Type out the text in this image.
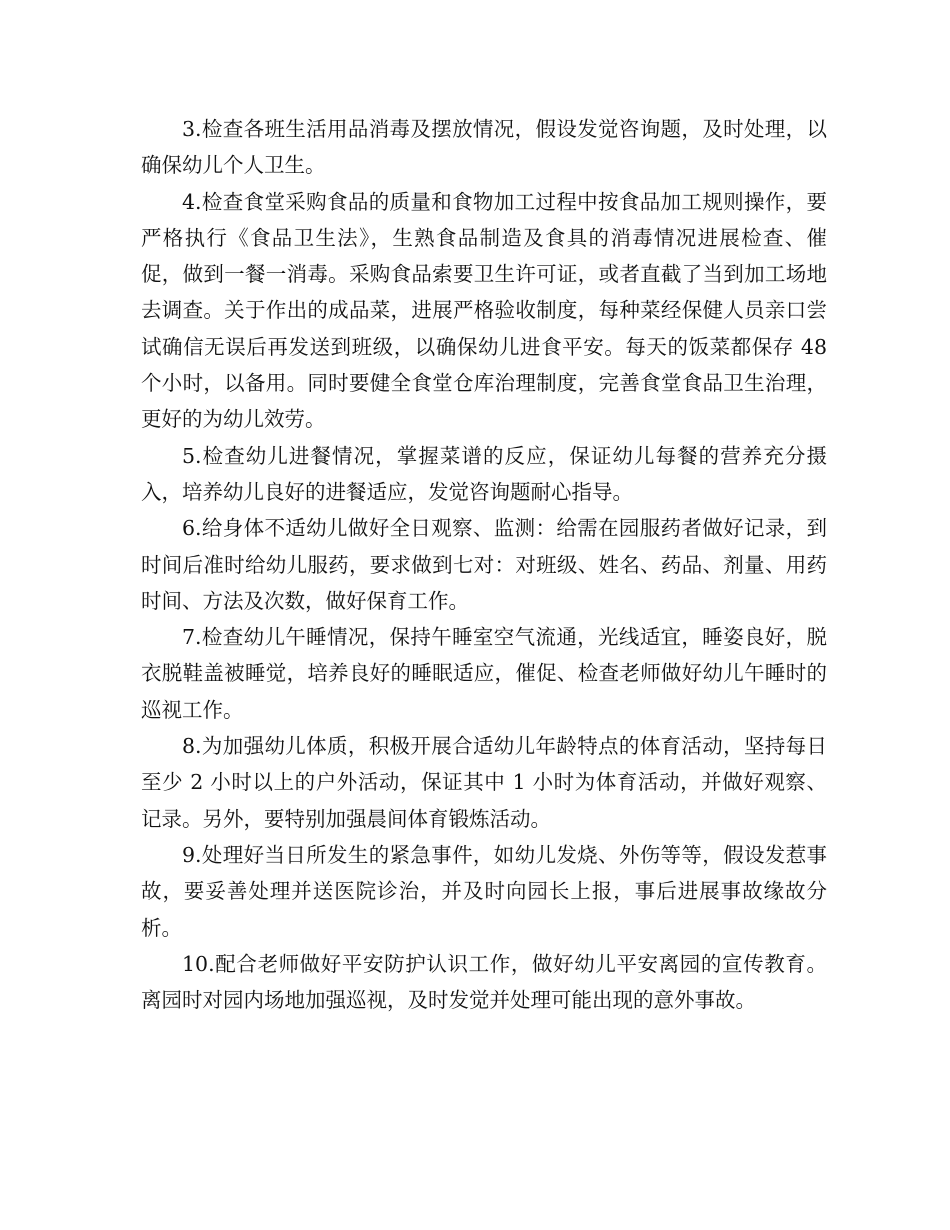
3.检查各班生活用品消毒及摆放情况，假设发觉咨询题，及时处理，以确保幼儿个人卫生。

4.检查食堂采购食品的质量和食物加工过程中按食品加工规则操作，要严格执行《食品卫生法》，生熟食品制造及食具的消毒情况进展检查、催促，做到一餐一消毒。采购食品索要卫生许可证，或者直截了当到加工场地去调查。关于作出的成品菜，进展严格验收制度，每种菜经保健人员亲口尝试确信无误后再发送到班级，以确保幼儿进食平安。每天的饭菜都保存 48 个小时，以备用。同时要健全食堂仓库治理制度，完善食堂食品卫生治理，更好的为幼儿效劳。

5.检查幼儿进餐情况，掌握菜谱的反应，保证幼儿每餐的营养充分摄入，培养幼儿良好的进餐适应，发觉咨询题耐心指导。

6.给身体不适幼儿做好全日观察、监测：给需在园服药者做好记录，到时间后准时给幼儿服药，要求做到七对：对班级、姓名、药品、剂量、用药时间、方法及次数，做好保育工作。

7.检查幼儿午睡情况，保持午睡室空气流通，光线适宜，睡姿良好，脱衣脱鞋盖被睡觉，培养良好的睡眠适应，催促、检查老师做好幼儿午睡时的巡视工作。

8.为加强幼儿体质，积极开展合适幼儿年龄特点的体育活动，坚持每日至少 2 小时以上的户外活动，保证其中 1 小时为体育活动，并做好观察、记录。另外，要特别加强晨间体育锻炼活动。

9.处理好当日所发生的紧急事件，如幼儿发烧、外伤等等，假设发惹事故，要妥善处理并送医院诊治，并及时向园长上报，事后进展事故缘故分析。

10.配合老师做好平安防护认识工作，做好幼儿平安离园的宣传教育。离园时对园内场地加强巡视，及时发觉并处理可能出现的意外事故。
